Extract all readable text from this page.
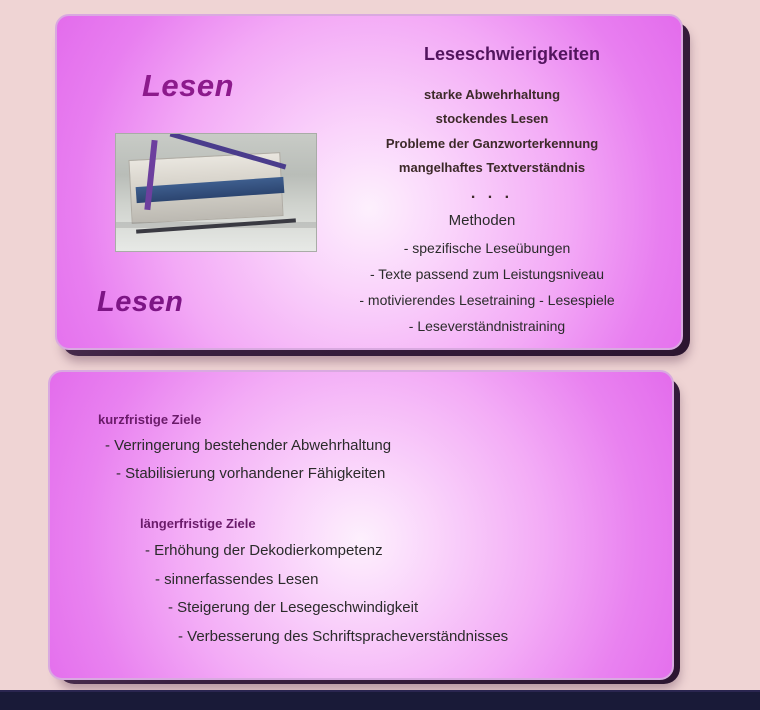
Lesen
Leseschwierigkeiten
starke Abwehrhaltung
stockendes Lesen
Probleme der Ganzworterkennung
mangelhaftes Textverständnis
. . .
Methoden
- spezifische Leseübungen
- Texte passend zum Leistungsniveau
- motivierendes Lesetraining - Lesespiele
- Leseverständnistraining
Lesen
kurzfristige Ziele
- Verringerung bestehender Abwehrhaltung
- Stabilisierung vorhandener Fähigkeiten
längerfristige Ziele
- Erhöhung der Dekodierkompetenz
- sinnerfassendes Lesen
- Steigerung der Lesegeschwindigkeit
- Verbesserung des Schriftspracheverständnisses
